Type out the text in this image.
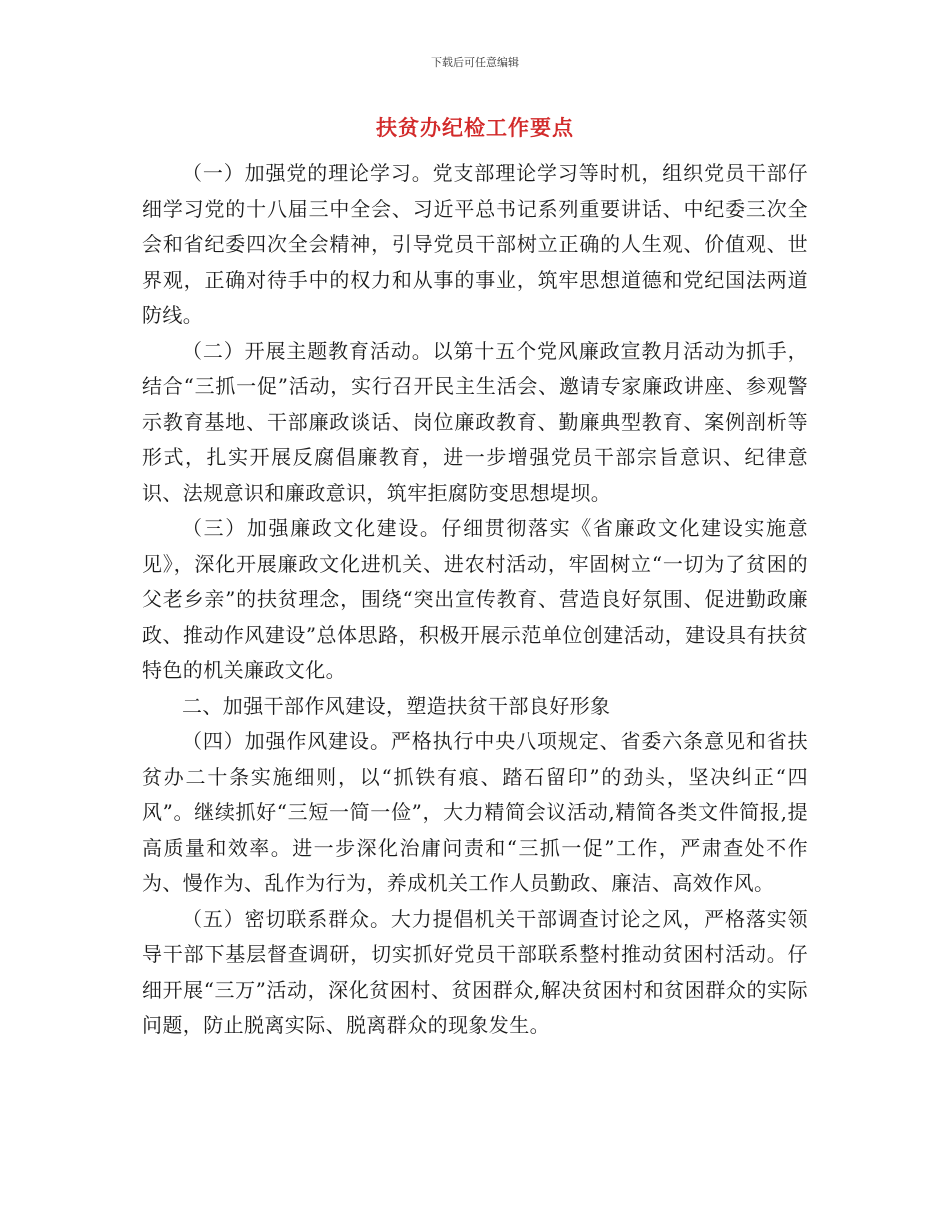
下载后可任意编辑
扶贫办纪检工作要点

（一）加强党的理论学习。党支部理论学习等时机，组织党员干部仔细学习党的十八届三中全会、习近平总书记系列重要讲话、中纪委三次全会和省纪委四次全会精神，引导党员干部树立正确的人生观、价值观、世界观，正确对待手中的权力和从事的事业，筑牢思想道德和党纪国法两道防线。

（二）开展主题教育活动。以第十五个党风廉政宣教月活动为抓手，结合“三抓一促”活动，实行召开民主生活会、邀请专家廉政讲座、参观警示教育基地、干部廉政谈话、岗位廉政教育、勤廉典型教育、案例剖析等形式，扎实开展反腐倡廉教育，进一步增强党员干部宗旨意识、纪律意识、法规意识和廉政意识，筑牢拒腐防变思想堤坝。

（三）加强廉政文化建设。仔细贯彻落实《省廉政文化建设实施意见》，深化开展廉政文化进机关、进农村活动，牢固树立“一切为了贫困的父老乡亲”的扶贫理念，围绕“突出宣传教育、营造良好氛围、促进勤政廉政、推动作风建设”总体思路，积极开展示范单位创建活动，建设具有扶贫特色的机关廉政文化。

二、加强干部作风建设，塑造扶贫干部良好形象

（四）加强作风建设。严格执行中央八项规定、省委六条意见和省扶贫办二十条实施细则，以“抓铁有痕、踏石留印”的劲头，坚决纠正“四风”。继续抓好“三短一简一俭”，大力精简会议活动,精简各类文件简报,提高质量和效率。进一步深化治庸问责和“三抓一促”工作，严肃查处不作为、慢作为、乱作为行为，养成机关工作人员勤政、廉洁、高效作风。

（五）密切联系群众。大力提倡机关干部调查讨论之风，严格落实领导干部下基层督查调研，切实抓好党员干部联系整村推动贫困村活动。仔细开展“三万”活动，深化贫困村、贫困群众,解决贫困村和贫困群众的实际问题，防止脱离实际、脱离群众的现象发生。
